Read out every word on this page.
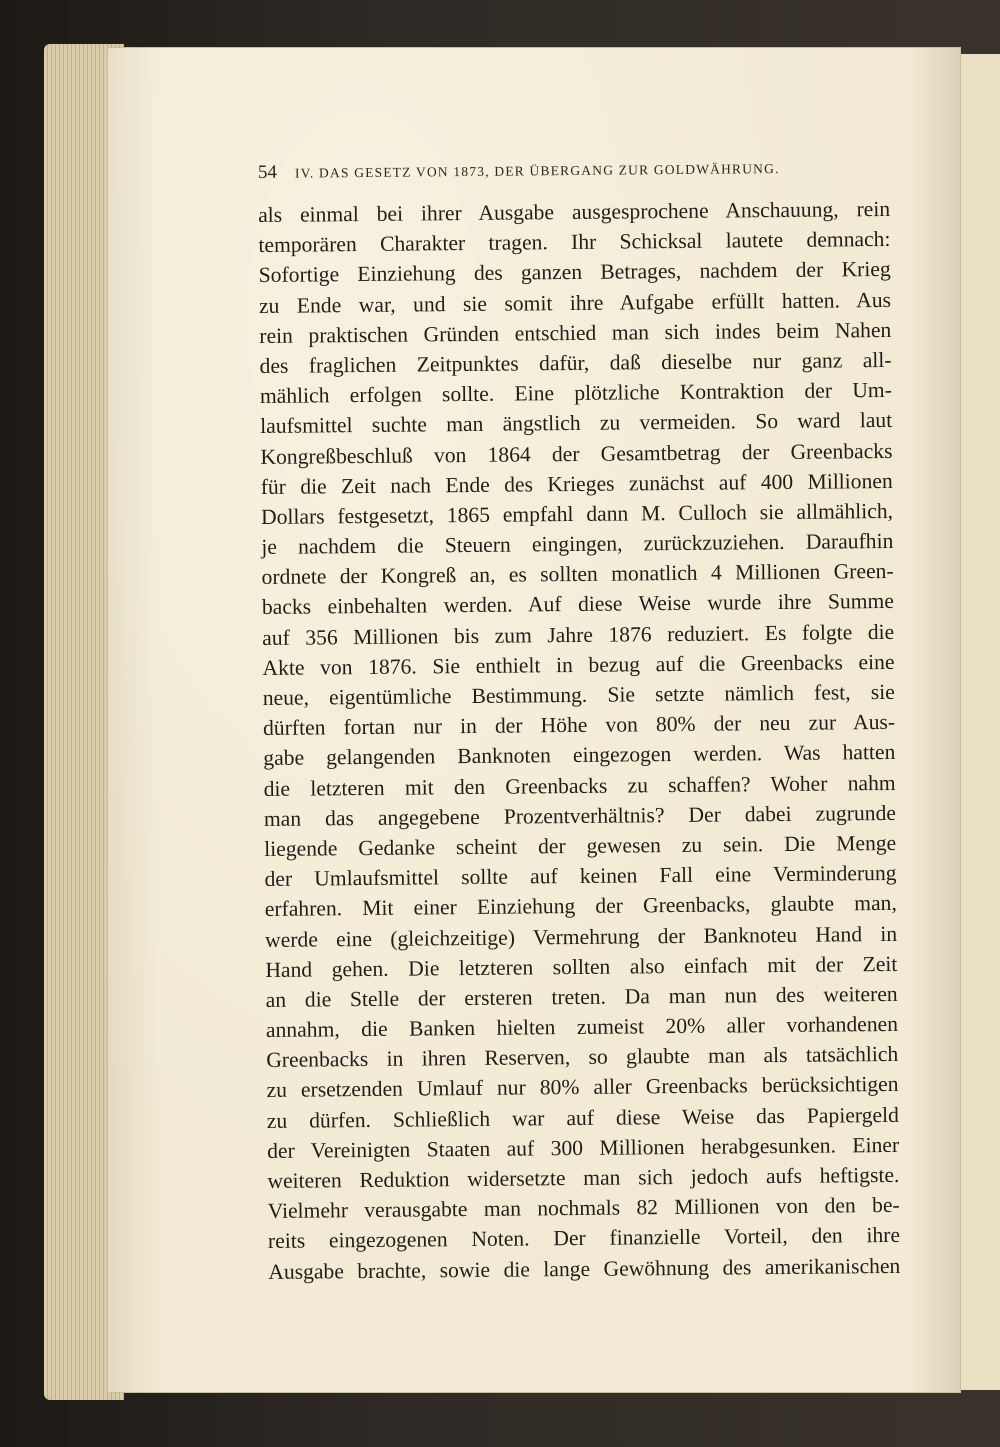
54 IV. DAS GESETZ VON 1873, DER ÜBERGANG ZUR GOLDWÄHRUNG.
als einmal bei ihrer Ausgabe ausgesprochene Anschauung, rein
temporären Charakter tragen. Ihr Schicksal lautete demnach:
Sofortige Einziehung des ganzen Betrages, nachdem der Krieg
zu Ende war, und sie somit ihre Aufgabe erfüllt hatten. Aus
rein praktischen Gründen entschied man sich indes beim Nahen
des fraglichen Zeitpunktes dafür, daß dieselbe nur ganz all-
mählich erfolgen sollte. Eine plötzliche Kontraktion der Um-
laufsmittel suchte man ängstlich zu vermeiden. So ward laut
Kongreßbeschluß von 1864 der Gesamtbetrag der Greenbacks
für die Zeit nach Ende des Krieges zunächst auf 400 Millionen
Dollars festgesetzt, 1865 empfahl dann M. Culloch sie allmählich,
je nachdem die Steuern eingingen, zurückzuziehen. Daraufhin
ordnete der Kongreß an, es sollten monatlich 4 Millionen Green-
backs einbehalten werden. Auf diese Weise wurde ihre Summe
auf 356 Millionen bis zum Jahre 1876 reduziert. Es folgte die
Akte von 1876. Sie enthielt in bezug auf die Greenbacks eine
neue, eigentümliche Bestimmung. Sie setzte nämlich fest, sie
dürften fortan nur in der Höhe von 80% der neu zur Aus-
gabe gelangenden Banknoten eingezogen werden. Was hatten
die letzteren mit den Greenbacks zu schaffen? Woher nahm
man das angegebene Prozentverhältnis? Der dabei zugrunde
liegende Gedanke scheint der gewesen zu sein. Die Menge
der Umlaufsmittel sollte auf keinen Fall eine Verminderung
erfahren. Mit einer Einziehung der Greenbacks, glaubte man,
werde eine (gleichzeitige) Vermehrung der Banknoteu Hand in
Hand gehen. Die letzteren sollten also einfach mit der Zeit
an die Stelle der ersteren treten. Da man nun des weiteren
annahm, die Banken hielten zumeist 20% aller vorhandenen
Greenbacks in ihren Reserven, so glaubte man als tatsächlich
zu ersetzenden Umlauf nur 80% aller Greenbacks berücksichtigen
zu dürfen. Schließlich war auf diese Weise das Papiergeld
der Vereinigten Staaten auf 300 Millionen herabgesunken. Einer
weiteren Reduktion widersetzte man sich jedoch aufs heftigste.
Vielmehr verausgabte man nochmals 82 Millionen von den be-
reits eingezogenen Noten. Der finanzielle Vorteil, den ihre
Ausgabe brachte, sowie die lange Gewöhnung des amerikanischen
